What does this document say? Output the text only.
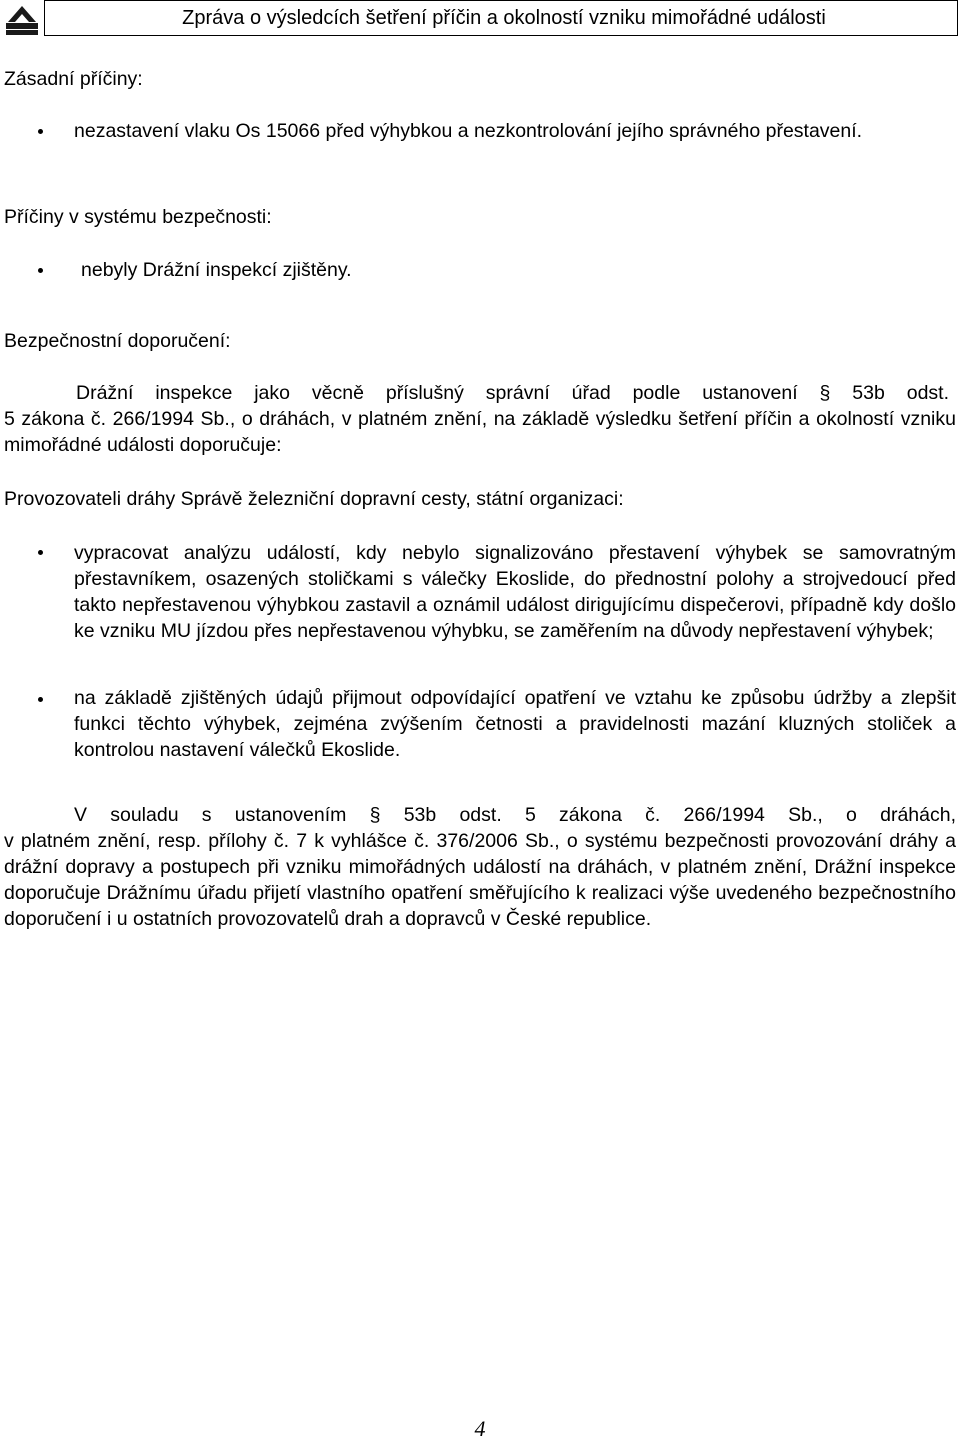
Zpráva o výsledcích šetření příčin a okolností vzniku mimořádné události
Zásadní příčiny:
nezastavení vlaku Os 15066 před výhybkou a nezkontrolování jejího správného přestavení.
Příčiny v systému bezpečnosti:
nebyly Drážní inspekcí zjištěny.
Bezpečnostní doporučení:
Drážní inspekce jako věcně příslušný správní úřad podle ustanovení § 53b odst.
5 zákona č. 266/1994 Sb., o dráhách, v platném znění, na základě výsledku šetření příčin a okolností vzniku mimořádné události doporučuje:
Provozovateli dráhy Správě železniční dopravní cesty, státní organizaci:
vypracovat analýzu událostí, kdy nebylo signalizováno přestavení výhybek se samovratným přestavníkem, osazených stoličkami s válečky Ekoslide, do přednostní polohy a strojvedoucí před takto nepřestavenou výhybkou zastavil a oznámil událost dirigujícímu dispečerovi, případně kdy došlo ke vzniku MU jízdou přes nepřestavenou výhybku, se zaměřením na důvody nepřestavení výhybek;
na základě zjištěných údajů přijmout odpovídající opatření ve vztahu ke způsobu údržby a zlepšit funkci těchto výhybek, zejména zvýšením četnosti a pravidelnosti mazání kluzných stoliček a kontrolou nastavení válečků Ekoslide.
V souladu s ustanovením § 53b odst. 5 zákona č. 266/1994 Sb., o dráhách,
v platném znění, resp. přílohy č. 7 k vyhlášce č. 376/2006 Sb., o systému bezpečnosti provozování dráhy a drážní dopravy a postupech při vzniku mimořádných událostí na dráhách, v platném znění, Drážní inspekce doporučuje Drážnímu úřadu přijetí vlastního opatření směřujícího k realizaci výše uvedeného bezpečnostního doporučení i u ostatních provozovatelů drah a dopravců v České republice.
4
